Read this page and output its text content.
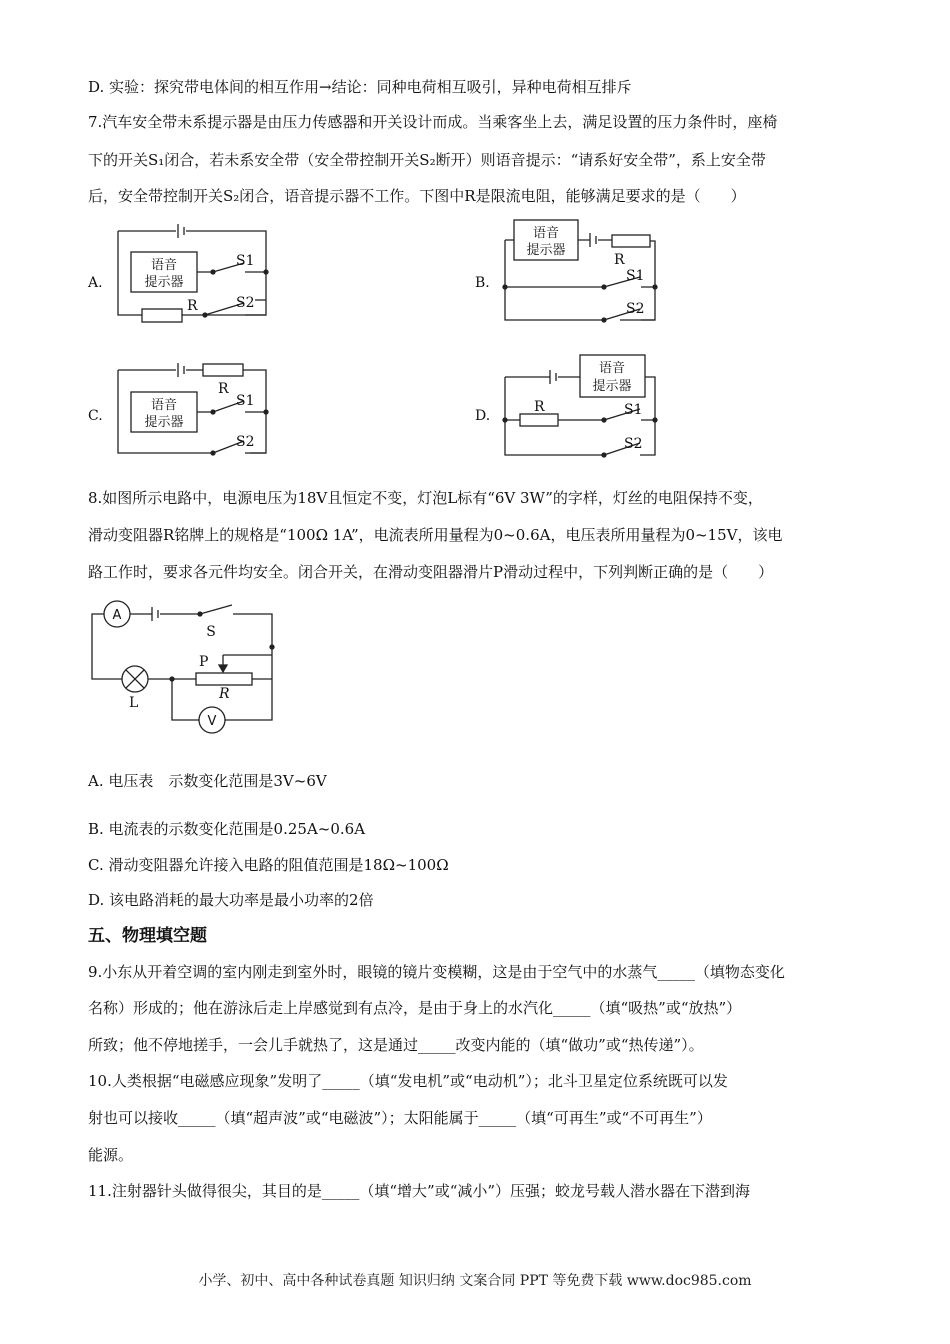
D. 实验：探究带电体间的相互作用→结论：同种电荷相互吸引，异种电荷相互排斥
7.汽车安全带未系提示器是由压力传感器和开关设计而成。当乘客坐上去，满足设置的压力条件时，座椅
下的开关S₁闭合，若未系安全带（安全带控制开关S₂断开）则语音提示：“请系好安全带”，系上安全带
后，安全带控制开关S₂闭合，语音提示器不工作。下图中R是限流电阻，能够满足要求的是（　　）
A.
语音
提示器
S1
R	S2
B.
语音
提示器
R
S1
S2
C.
语音
提示器
R
S1
S2
D.
语音
提示器
R	S1
S2
8.如图所示电路中，电源电压为18V且恒定不变，灯泡L标有“6V 3W”的字样，灯丝的电阻保持不变，
滑动变阻器R铭牌上的规格是“100Ω 1A”，电流表所用量程为0~0.6A，电压表所用量程为0~15V，该电
路工作时，要求各元件均安全。闭合开关，在滑动变阻器滑片P滑动过程中，下列判断正确的是（　　）
A
S
P
R
L
V
A. 电压表　示数变化范围是3V~6V
B. 电流表的示数变化范围是0.25A~0.6A
C. 滑动变阻器允许接入电路的阻值范围是18Ω~100Ω
D. 该电路消耗的最大功率是最小功率的2倍
五、物理填空题
9.小东从开着空调的室内刚走到室外时，眼镜的镜片变模糊，这是由于空气中的水蒸气_____（填物态变化
名称）形成的；他在游泳后走上岸感觉到有点冷，是由于身上的水汽化_____（填“吸热”或“放热”）
所致；他不停地搓手，一会儿手就热了，这是通过_____改变内能的（填“做功”或“热传递”）。
10.人类根据“电磁感应现象”发明了_____（填“发电机”或“电动机”）；北斗卫星定位系统既可以发
射也可以接收_____（填“超声波”或“电磁波”）；太阳能属于_____（填“可再生”或“不可再生”）
能源。
11.注射器针头做得很尖，其目的是_____（填“增大”或“减小”）压强；蛟龙号载人潜水器在下潜到海
小学、初中、高中各种试卷真题 知识归纳 文案合同 PPT 等免费下载 www.doc985.com
